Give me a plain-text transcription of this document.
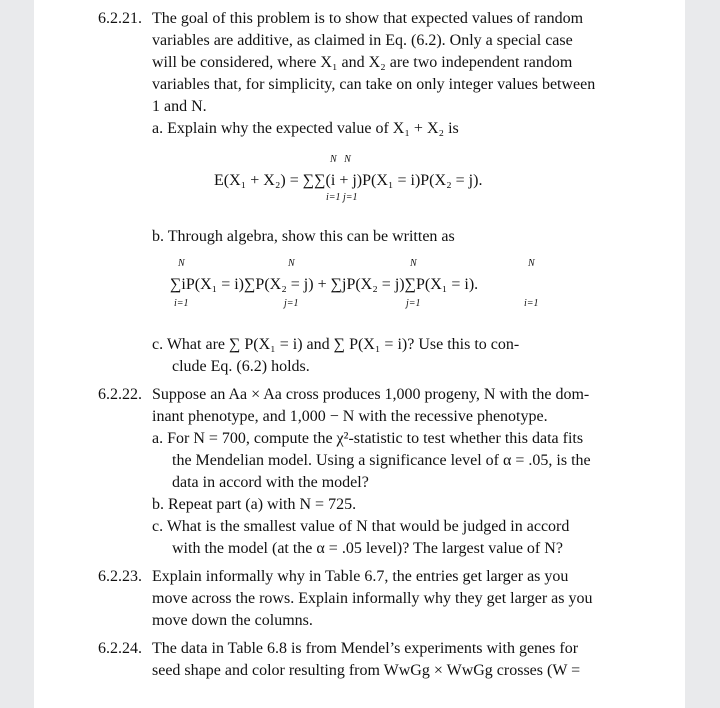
6.2.21. The goal of this problem is to show that expected values of random
variables are additive, as claimed in Eq. (6.2). Only a special case
will be considered, where X₁ and X₂ are two independent random
variables that, for simplicity, can take on only integer values between
1 and N.
a. Explain why the expected value of X₁ + X₂ is
N   N
E(X₁ + X₂) = ∑∑(i + j)P(X₁ = i)P(X₂ = j).
i=1 j=1
b. Through algebra, show this can be written as
N	N	N	N
∑iP(X₁ = i)∑P(X₂ = j) + ∑jP(X₂ = j)∑P(X₁ = i).
i=1	j=1	j=1	i=1
c. What are ∑ P(X₁ = i) and ∑ P(X₁ = i)? Use this to con-
clude Eq. (6.2) holds.
6.2.22. Suppose an Aa × Aa cross produces 1,000 progeny, N with the dom-
inant phenotype, and 1,000 − N with the recessive phenotype.
a. For N = 700, compute the χ²-statistic to test whether this data fits
the Mendelian model. Using a significance level of α = .05, is the
data in accord with the model?
b. Repeat part (a) with N = 725.
c. What is the smallest value of N that would be judged in accord
with the model (at the α = .05 level)? The largest value of N?
6.2.23. Explain informally why in Table 6.7, the entries get larger as you
move across the rows. Explain informally why they get larger as you
move down the columns.
6.2.24. The data in Table 6.8 is from Mendel’s experiments with genes for
seed shape and color resulting from WwGg × WwGg crosses (W =
